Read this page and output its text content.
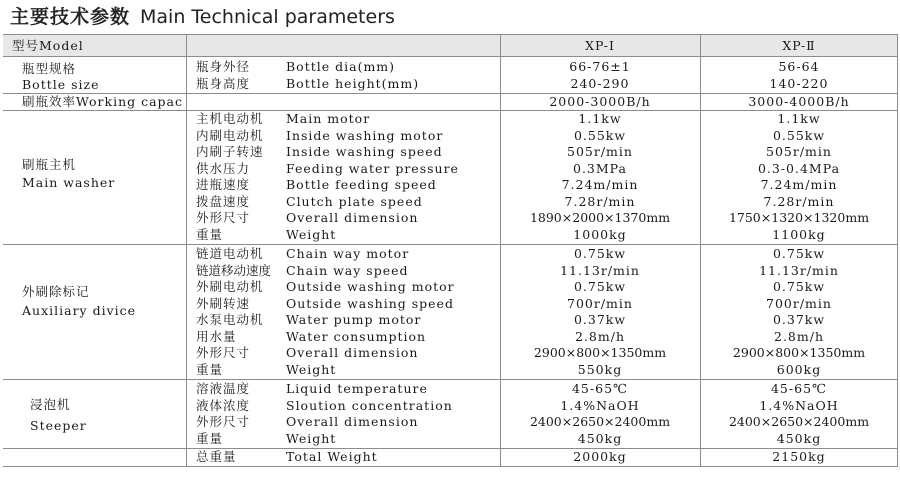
主要技术参数 Main Technical parameters
型号Model	XP-Ⅰ	XP-Ⅱ
瓶型规格
Bottle size
瓶身外径	Bottle dia(mm)	66-76±1	56-64
瓶身高度	Bottle height(mm)	240-290	140-220
刷瓶效率Working capac	2000-3000B/h	3000-4000B/h
刷瓶主机
Main washer
主机电动机 Main motor	1.1kw	1.1kw
内刷电动机 Inside washing motor	0.55kw	0.55kw
内刷子转速 Inside washing speed	505r/min	505r/min
供水压力	Feeding water pressure	0.3MPa	0.3-0.4MPa
进瓶速度	Bottle feeding speed	7.24m/min	7.24m/min
拨盘速度	Clutch plate speed	7.28r/min	7.28r/min
外形尺寸	Overall dimension	1890×2000×1370mm	1750×1320×1320mm
重量	Weight	1000kg	1100kg
外刷除标记
Auxiliary divice
链道电动机 Chain way motor	0.75kw	0.75kw
链道移动速度 Chain way speed	11.13r/min	11.13r/min
外刷电动机 Outside washing motor	0.75kw	0.75kw
外刷转速	Outside washing speed	700r/min	700r/min
水泵电动机 Water pump motor	0.37kw	0.37kw
用水量	Water consumption	2.8m/h	2.8m/h
外形尺寸	Overall dimension	2900×800×1350mm	2900×800×1350mm
重量	Weight	550kg	600kg
浸泡机
Steeper
溶液温度	Liquid temperature	45-65℃	45-65℃
液体浓度	Sloution concentration	1.4%NaOH	1.4%NaOH
外形尺寸	Overall dimension	2400×2650×2400mm	2400×2650×2400mm
重量	Weight	450kg	450kg
总重量	Total Weight	2000kg	2150kg
